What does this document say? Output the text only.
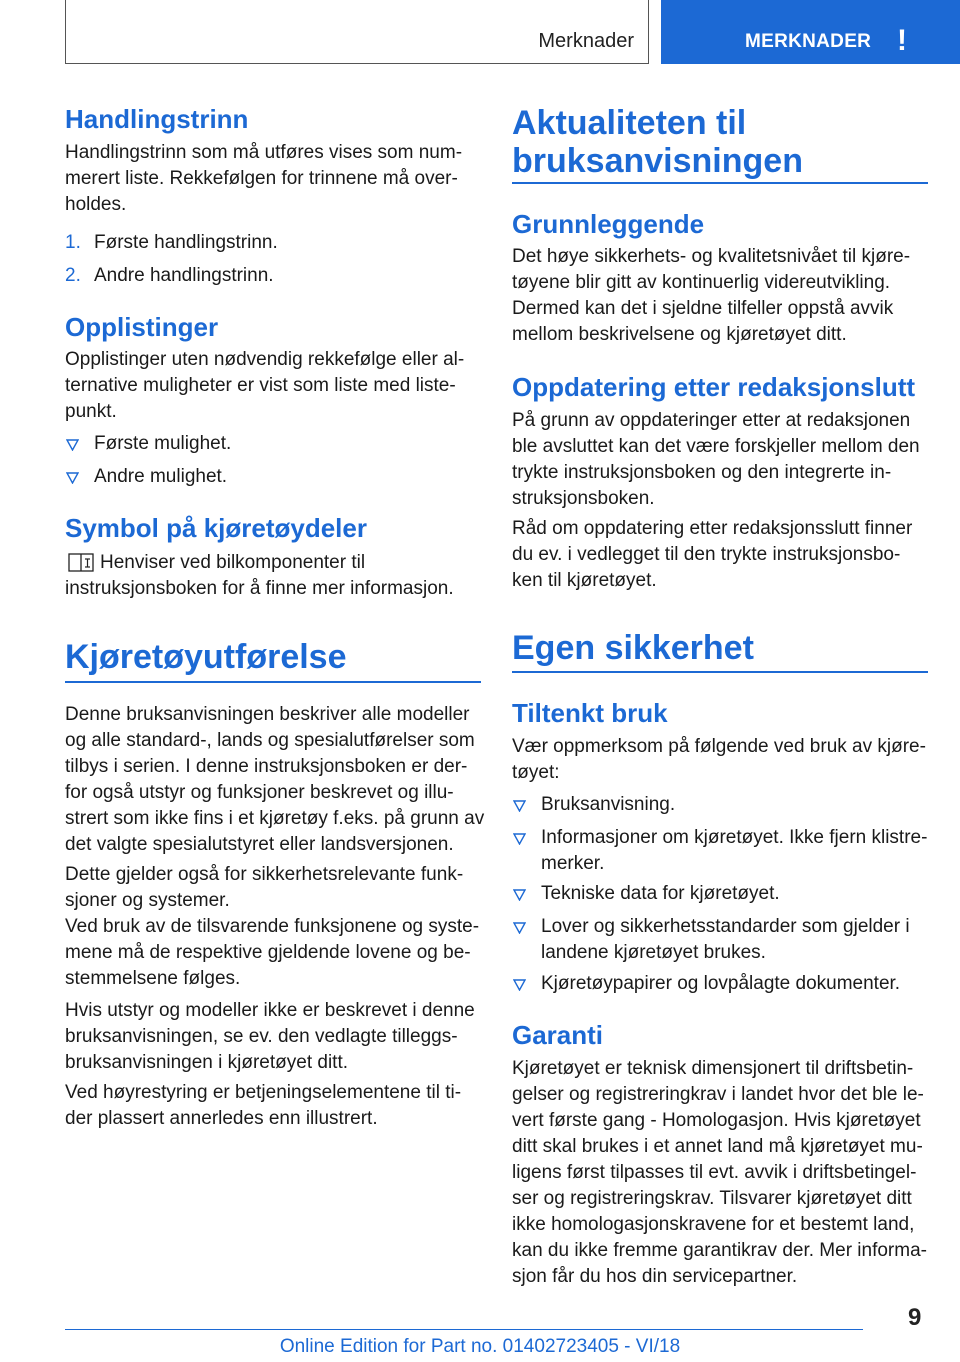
Merknader	MERKNADER !
Handlingstrinn
Handlingstrinn som må utføres vises som num-
merert liste. Rekkefølgen for trinnene må over-
holdes.
1. Første handlingstrinn.
2. Andre handlingstrinn.
Opplistinger
Opplistinger uten nødvendig rekkefølge eller al-
ternative muligheter er vist som liste med liste-
punkt.
Første mulighet.
Andre mulighet.
Symbol på kjøretøydeler
Henviser ved bilkomponenter til
instruksjonsboken for å finne mer informasjon.
Kjøretøyutførelse
Denne bruksanvisningen beskriver alle modeller
og alle standard-, lands og spesialutførelser som
tilbys i serien. I denne instruksjonsboken er der-
for også utstyr og funksjoner beskrevet og illu-
strert som ikke fins i et kjøretøy f.eks. på grunn av
det valgte spesialutstyret eller landsversjonen.
Dette gjelder også for sikkerhetsrelevante funk-
sjoner og systemer.
Ved bruk av de tilsvarende funksjonene og syste-
mene må de respektive gjeldende lovene og be-
stemmelsene følges.
Hvis utstyr og modeller ikke er beskrevet i denne
bruksanvisningen, se ev. den vedlagte tilleggs-
bruksanvisningen i kjøretøyet ditt.
Ved høyrestyring er betjeningselementene til ti-
der plassert annerledes enn illustrert.
Aktualiteten til
bruksanvisningen
Grunnleggende
Det høye sikkerhets- og kvalitetsnivået til kjøre-
tøyene blir gitt av kontinuerlig videreutvikling.
Dermed kan det i sjeldne tilfeller oppstå avvik
mellom beskrivelsene og kjøretøyet ditt.
Oppdatering etter redaksjonslutt
På grunn av oppdateringer etter at redaksjonen
ble avsluttet kan det være forskjeller mellom den
trykte instruksjonsboken og den integrerte in-
struksjonsboken.
Råd om oppdatering etter redaksjonsslutt finner
du ev. i vedlegget til den trykte instruksjonsbo-
ken til kjøretøyet.
Egen sikkerhet
Tiltenkt bruk
Vær oppmerksom på følgende ved bruk av kjøre-
tøyet:
Bruksanvisning.
Informasjoner om kjøretøyet. Ikke fjern klistre-
merker.
Tekniske data for kjøretøyet.
Lover og sikkerhetsstandarder som gjelder i
landene kjøretøyet brukes.
Kjøretøypapirer og lovpålagte dokumenter.
Garanti
Kjøretøyet er teknisk dimensjonert til driftsbetin-
gelser og registreringkrav i landet hvor det ble le-
vert første gang - Homologasjon. Hvis kjøretøyet
ditt skal brukes i et annet land må kjøretøyet mu-
ligens først tilpasses til evt. avvik i driftsbetingel-
ser og registreringskrav. Tilsvarer kjøretøyet ditt
ikke homologasjonskravene for et bestemt land,
kan du ikke fremme garantikrav der. Mer informa-
sjon får du hos din servicepartner.
9
Online Edition for Part no. 01402723405 - VI/18
